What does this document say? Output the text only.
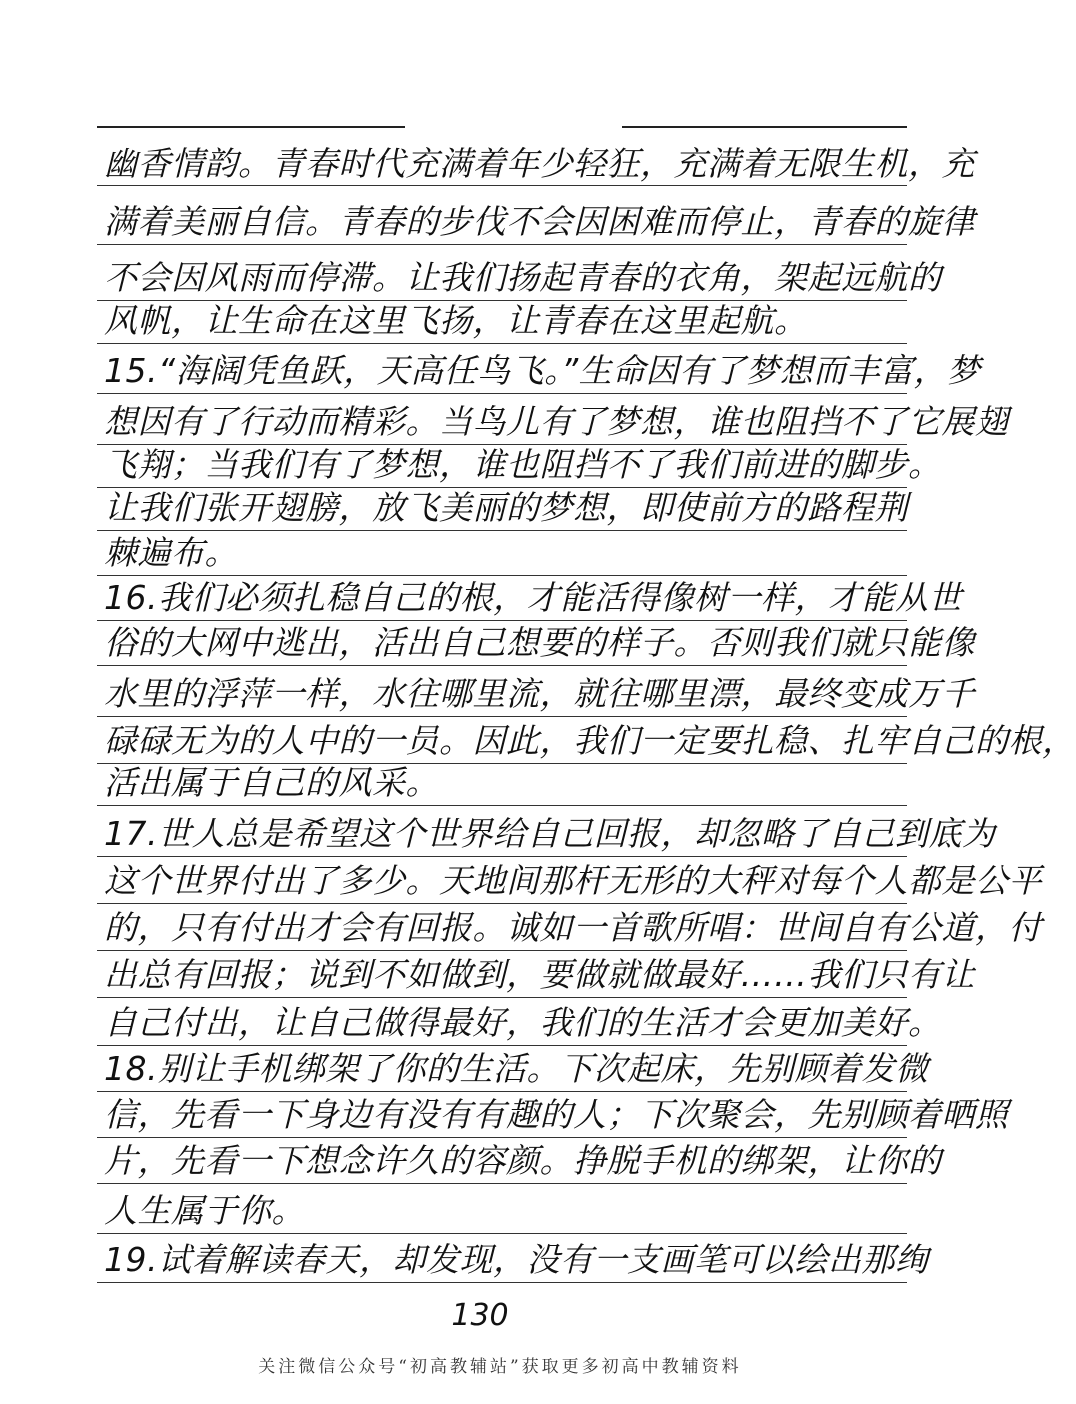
幽香情韵。青春时代充满着年少轻狂，充满着无限生机，充
满着美丽自信。青春的步伐不会因困难而停止，青春的旋律
不会因风雨而停滞。让我们扬起青春的衣角，架起远航的
风帆，让生命在这里飞扬，让青春在这里起航。
15.“海阔凭鱼跃，天高任鸟飞。”生命因有了梦想而丰富，梦
想因有了行动而精彩。当鸟儿有了梦想，谁也阻挡不了它展翅
飞翔；当我们有了梦想，谁也阻挡不了我们前进的脚步。
让我们张开翅膀，放飞美丽的梦想，即使前方的路程荆
棘遍布。
16.我们必须扎稳自己的根，才能活得像树一样，才能从世
俗的大网中逃出，活出自己想要的样子。否则我们就只能像
水里的浮萍一样，水往哪里流，就往哪里漂，最终变成万千
碌碌无为的人中的一员。因此，我们一定要扎稳、扎牢自己的根，
活出属于自己的风采。
17.世人总是希望这个世界给自己回报，却忽略了自己到底为
这个世界付出了多少。天地间那杆无形的大秤对每个人都是公平
的，只有付出才会有回报。诚如一首歌所唱：世间自有公道，付
出总有回报；说到不如做到，要做就做最好……我们只有让
自己付出，让自己做得最好，我们的生活才会更加美好。
18.别让手机绑架了你的生活。下次起床，先别顾着发微
信，先看一下身边有没有有趣的人；下次聚会，先别顾着晒照
片，先看一下想念许久的容颜。挣脱手机的绑架，让你的
人生属于你。
19.试着解读春天，却发现，没有一支画笔可以绘出那绚
130
关注微信公众号“初高教辅站”获取更多初高中教辅资料
